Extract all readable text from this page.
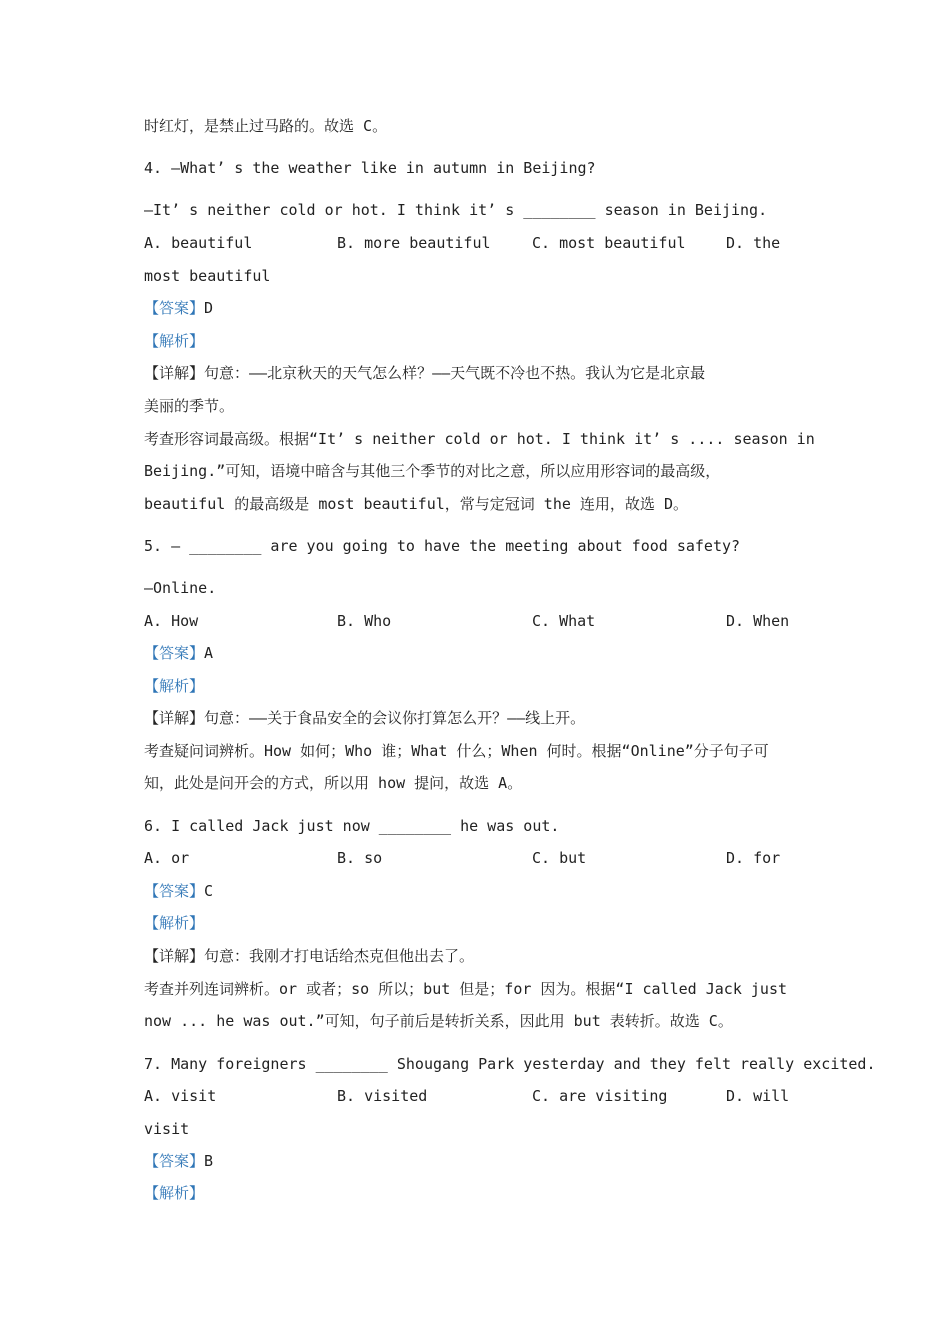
时红灯，是禁止过马路的。故选 C。
4. —What’ s the weather like in autumn in Beijing?
—It’ s neither cold or hot. I think it’ s ________ season in Beijing.
A. beautiful	B. more beautiful	C. most beautiful	D. the
most beautiful
【答案】D
【解析】
【详解】句意：——北京秋天的天气怎么样？——天气既不冷也不热。我认为它是北京最
美丽的季节。
考查形容词最高级。根据“It’ s neither cold or hot. I think it’ s .... season in
Beijing.”可知，语境中暗含与其他三个季节的对比之意，所以应用形容词的最高级，
beautiful 的最高级是 most beautiful，常与定冠词 the 连用，故选 D。
5. — ________ are you going to have the meeting about food safety?
—Online.
A. How	B. Who	C. What	D. When
【答案】A
【解析】
【详解】句意：——关于食品安全的会议你打算怎么开？——线上开。
考查疑问词辨析。How 如何；Who 谁；What 什么；When 何时。根据“Online”分子句子可
知，此处是问开会的方式，所以用 how 提问，故选 A。
6. I called Jack just now ________ he was out.
A. or	B. so	C. but	D. for
【答案】C
【解析】
【详解】句意：我刚才打电话给杰克但他出去了。
考查并列连词辨析。or 或者；so 所以；but 但是；for 因为。根据“I called Jack just
now ... he was out.”可知，句子前后是转折关系，因此用 but 表转折。故选 C。
7. Many foreigners ________ Shougang Park yesterday and they felt really excited.
A. visit	B. visited	C. are visiting	D. will
visit
【答案】B
【解析】
